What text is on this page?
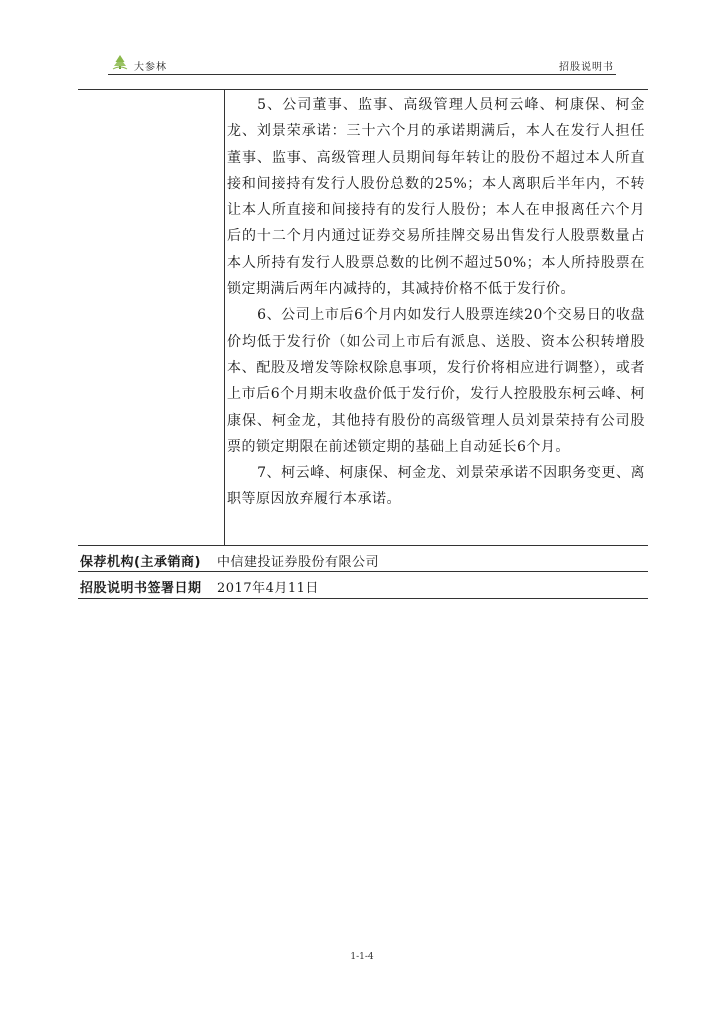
大参林	招股说明书

5、公司董事、监事、高级管理人员柯云峰、柯康保、柯金龙、刘景荣承诺：三十六个月的承诺期满后，本人在发行人担任董事、监事、高级管理人员期间每年转让的股份不超过本人所直接和间接持有发行人股份总数的25%；本人离职后半年内，不转让本人所直接和间接持有的发行人股份；本人在申报离任六个月后的十二个月内通过证券交易所挂牌交易出售发行人股票数量占本人所持有发行人股票总数的比例不超过50%；本人所持股票在锁定期满后两年内减持的，其减持价格不低于发行价。

6、公司上市后6个月内如发行人股票连续20个交易日的收盘价均低于发行价（如公司上市后有派息、送股、资本公积转增股本、配股及增发等除权除息事项，发行价将相应进行调整），或者上市后6个月期末收盘价低于发行价，发行人控股股东柯云峰、柯康保、柯金龙，其他持有股份的高级管理人员刘景荣持有公司股票的锁定期限在前述锁定期的基础上自动延长6个月。

7、柯云峰、柯康保、柯金龙、刘景荣承诺不因职务变更、离职等原因放弃履行本承诺。

保荐机构(主承销商) 中信建投证券股份有限公司
招股说明书签署日期 2017年4月11日
1-1-4
